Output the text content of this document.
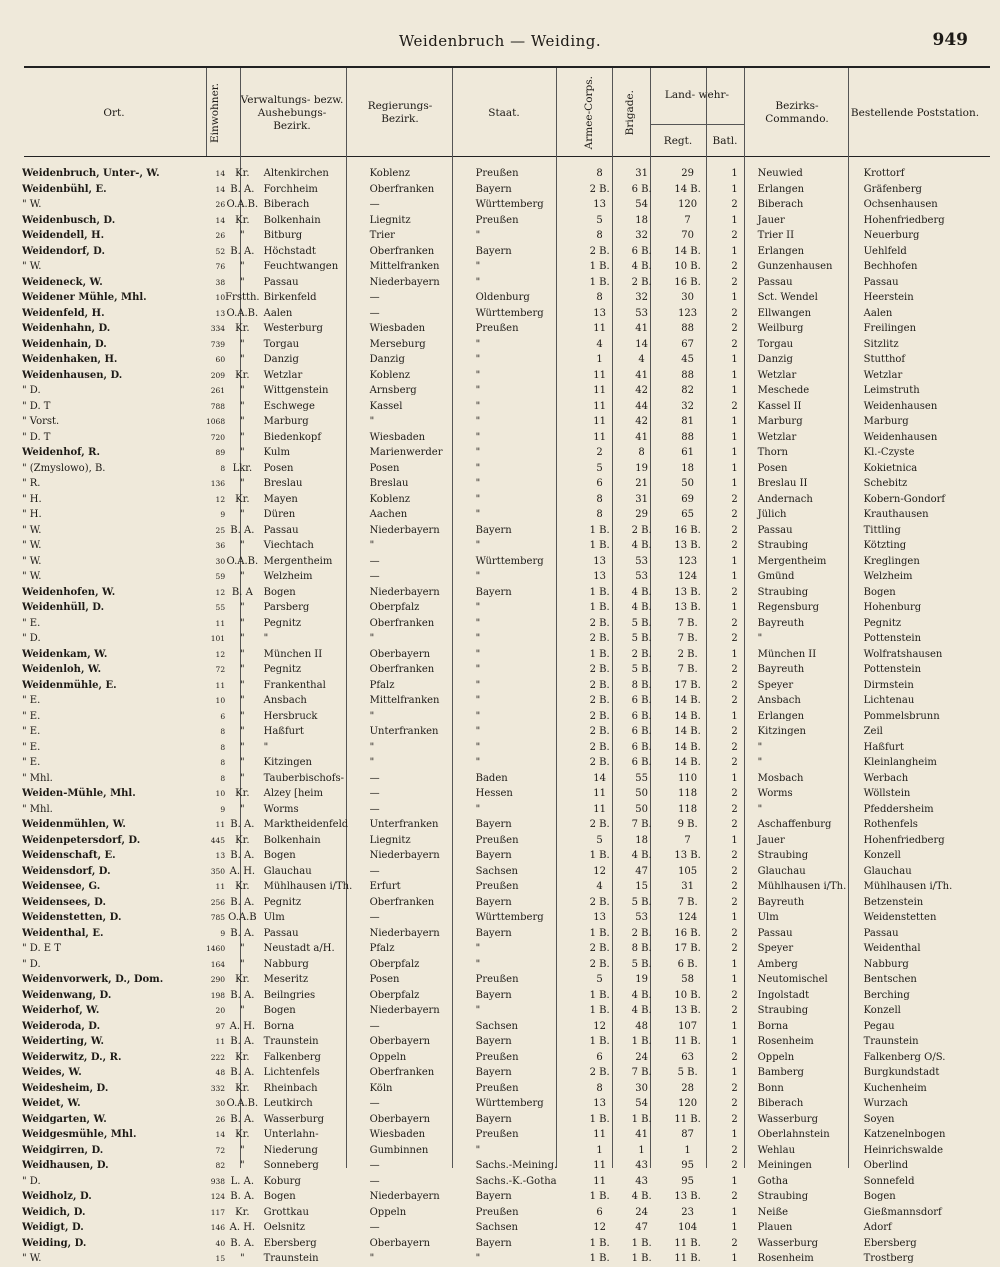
Weidenbruch — Weiding.	949
Ort.	Einwohner. Verwaltungs- bezw. Aushebungs- Bezirk.
Regierungs- Bezirk.
Staat.	Armee-Corps.	Brigade.	Land- wehr-
Regt.	Batl.
Bezirks- Commando.
Bestellende Poststation.
Weidenbruch, Unter-, W.	14	Kr.	Altenkirchen	Koblenz	Preußen	8	31	29	1	Neuwied	Krottorf
Weidenbühl, E.	14	B. A.	Forchheim	Oberfranken	Bayern	2 B.	6 B.	14 B.	1	Erlangen	Gräfenberg
" W.	26	O.A.B.	Biberach	—	Württemberg	13	54	120	2	Biberach	Ochsenhausen
Weidenbusch, D.	14	Kr.	Bolkenhain	Liegnitz	Preußen	5	18	7	1	Jauer	Hohenfriedberg
Weidendell, H.	26	"	Bitburg	Trier	"	8	32	70	2	Trier II	Neuerburg
Weidendorf, D.	52	B. A.	Höchstadt	Oberfranken	Bayern	2 B.	6 B.	14 B.	1	Erlangen	Uehlfeld
" W.	76	"	Feuchtwangen	Mittelfranken	"	1 B.	4 B.	10 B.	2	Gunzenhausen	Bechhofen
Weideneck, W.	38	"	Passau	Niederbayern	"	1 B.	2 B.	16 B.	2	Passau	Passau
Weidener Mühle, Mhl.	10	Frstth.	Birkenfeld	—	Oldenburg	8	32	30	1	Sct. Wendel	Heerstein
Weidenfeld, H.	13	O.A.B.	Aalen	—	Württemberg	13	53	123	2	Ellwangen	Aalen
Weidenhahn, D.	334	Kr.	Westerburg	Wiesbaden	Preußen	11	41	88	2	Weilburg	Freilingen
Weidenhain, D.	739	"	Torgau	Merseburg	"	4	14	67	2	Torgau	Sitzlitz
Weidenhaken, H.	60	"	Danzig	Danzig	"	1	4	45	1	Danzig	Stutthof
Weidenhausen, D.	209	Kr.	Wetzlar	Koblenz	"	11	41	88	1	Wetzlar	Wetzlar
" D.	261	"	Wittgenstein	Arnsberg	"	11	42	82	1	Meschede	Leimstruth
" D. T	788	"	Eschwege	Kassel	"	11	44	32	2	Kassel II	Weidenhausen
" Vorst.	1068	"	Marburg	"	"	11	42	81	1	Marburg	Marburg
" D. T	720	"	Biedenkopf	Wiesbaden	"	11	41	88	1	Wetzlar	Weidenhausen
Weidenhof, R.	89	"	Kulm	Marienwerder	"	2	8	61	1	Thorn	Kl.-Czyste
" (Zmyslowo), B.	8	Lkr.	Posen	Posen	"	5	19	18	1	Posen	Kokietnica
" R.	136	"	Breslau	Breslau	"	6	21	50	1	Breslau II	Schebitz
" H.	12	Kr.	Mayen	Koblenz	"	8	31	69	2	Andernach	Kobern-Gondorf
" H.	9	"	Düren	Aachen	"	8	29	65	2	Jülich	Krauthausen
" W.	25	B. A.	Passau	Niederbayern	Bayern	1 B.	2 B.	16 B.	2	Passau	Tittling
" W.	36	"	Viechtach	"	"	1 B.	4 B.	13 B.	2	Straubing	Kötzting
" W.	30	O.A.B.	Mergentheim	—	Württemberg	13	53	123	1	Mergentheim	Kreglingen
" W.	59	"	Welzheim	—	"	13	53	124	1	Gmünd	Welzheim
Weidenhofen, W.	12	B. A	Bogen	Niederbayern	Bayern	1 B.	4 B.	13 B.	2	Straubing	Bogen
Weidenhüll, D.	55	"	Parsberg	Oberpfalz	"	1 B.	4 B.	13 B.	1	Regensburg	Hohenburg
" E.	11	"	Pegnitz	Oberfranken	"	2 B.	5 B.	7 B.	2	Bayreuth	Pegnitz
" D.	101	"	"	"	"	2 B.	5 B.	7 B.	2	"	Pottenstein
Weidenkam, W.	12	"	München II	Oberbayern	"	1 B.	2 B.	2 B.	1	München II	Wolfratshausen
Weidenloh, W.	72	"	Pegnitz	Oberfranken	"	2 B.	5 B.	7 B.	2	Bayreuth	Pottenstein
Weidenmühle, E.	11	"	Frankenthal	Pfalz	"	2 B.	8 B.	17 B.	2	Speyer	Dirmstein
" E.	10	"	Ansbach	Mittelfranken	"	2 B.	6 B.	14 B.	2	Ansbach	Lichtenau
" E.	6	"	Hersbruck	"	"	2 B.	6 B.	14 B.	1	Erlangen	Pommelsbrunn
" E.	8	"	Haßfurt	Unterfranken	"	2 B.	6 B.	14 B.	2	Kitzingen	Zeil
" E.	8	"	"	"	"	2 B.	6 B.	14 B.	2	"	Haßfurt
" E.	8	"	Kitzingen	"	"	2 B.	6 B.	14 B.	2	"	Kleinlangheim
" Mhl.	8	"	Tauberbischofs-	—	Baden	14	55	110	1	Mosbach	Werbach
Weiden-Mühle, Mhl.	10	Kr.	Alzey [heim	—	Hessen	11	50	118	2	Worms	Wöllstein
" Mhl.	9	"	Worms	—	"	11	50	118	2	"	Pfeddersheim
Weidenmühlen, W.	11	B. A.	Marktheidenfeld	Unterfranken	Bayern	2 B.	7 B.	9 B.	2	Aschaffenburg	Rothenfels
Weidenpetersdorf, D.	445	Kr.	Bolkenhain	Liegnitz	Preußen	5	18	7	1	Jauer	Hohenfriedberg
Weidenschaft, E.	13	B. A.	Bogen	Niederbayern	Bayern	1 B.	4 B.	13 B.	2	Straubing	Konzell
Weidensdorf, D.	350	A. H.	Glauchau	—	Sachsen	12	47	105	2	Glauchau	Glauchau
Weidensee, G.	11	Kr.	Mühlhausen i/Th.	Erfurt	Preußen	4	15	31	2	Mühlhausen i/Th.	Mühlhausen i/Th.
Weidensees, D.	256	B. A.	Pegnitz	Oberfranken	Bayern	2 B.	5 B.	7 B.	2	Bayreuth	Betzenstein
Weidenstetten, D.	785	O.A.B	Ulm	—	Württemberg	13	53	124	1	Ulm	Weidenstetten
Weidenthal, E.	9	B. A.	Passau	Niederbayern	Bayern	1 B.	2 B.	16 B.	2	Passau	Passau
" D. E T	1460	"	Neustadt a/H.	Pfalz	"	2 B.	8 B.	17 B.	2	Speyer	Weidenthal
" D.	164	"	Nabburg	Oberpfalz	"	2 B.	5 B.	6 B.	1	Amberg	Nabburg
Weidenvorwerk, D., Dom.	290	Kr.	Meseritz	Posen	Preußen	5	19	58	1	Neutomischel	Bentschen
Weidenwang, D.	198	B. A.	Beilngries	Oberpfalz	Bayern	1 B.	4 B.	10 B.	2	Ingolstadt	Berching
Weiderhof, W.	20	"	Bogen	Niederbayern	"	1 B.	4 B.	13 B.	2	Straubing	Konzell
Weideroda, D.	97	A. H.	Borna	—	Sachsen	12	48	107	1	Borna	Pegau
Weiderting, W.	11	B. A.	Traunstein	Oberbayern	Bayern	1 B.	1 B.	11 B.	1	Rosenheim	Traunstein
Weiderwitz, D., R.	222	Kr.	Falkenberg	Oppeln	Preußen	6	24	63	2	Oppeln	Falkenberg O/S.
Weides, W.	48	B. A.	Lichtenfels	Oberfranken	Bayern	2 B.	7 B.	5 B.	1	Bamberg	Burgkundstadt
Weidesheim, D.	332	Kr.	Rheinbach	Köln	Preußen	8	30	28	2	Bonn	Kuchenheim
Weidet, W.	30	O.A.B.	Leutkirch	—	Württemberg	13	54	120	2	Biberach	Wurzach
Weidgarten, W.	26	B. A.	Wasserburg	Oberbayern	Bayern	1 B.	1 B.	11 B.	2	Wasserburg	Soyen
Weidgesmühle, Mhl.	14	Kr.	Unterlahn-	Wiesbaden	Preußen	11	41	87	1	Oberlahnstein	Katzenelnbogen
Weidgirren, D.	72	"	Niederung	Gumbinnen	"	1	1	1	2	Wehlau	Heinrichswalde
Weidhausen, D.	82	"	Sonneberg	—	Sachs.-Meining.	11	43	95	2	Meiningen	Oberlind
" D.	938	L. A.	Koburg	—	Sachs.-K.-Gotha	11	43	95	1	Gotha	Sonnefeld
Weidholz, D.	124	B. A.	Bogen	Niederbayern	Bayern	1 B.	4 B.	13 B.	2	Straubing	Bogen
Weidich, D.	117	Kr.	Grottkau	Oppeln	Preußen	6	24	23	1	Neiße	Gießmannsdorf
Weidigt, D.	146	A. H.	Oelsnitz	—	Sachsen	12	47	104	1	Plauen	Adorf
Weiding, D.	40	B. A.	Ebersberg	Oberbayern	Bayern	1 B.	1 B.	11 B.	2	Wasserburg	Ebersberg
" W.	15	"	Traunstein	"	"	1 B.	1 B.	11 B.	1	Rosenheim	Trostberg
